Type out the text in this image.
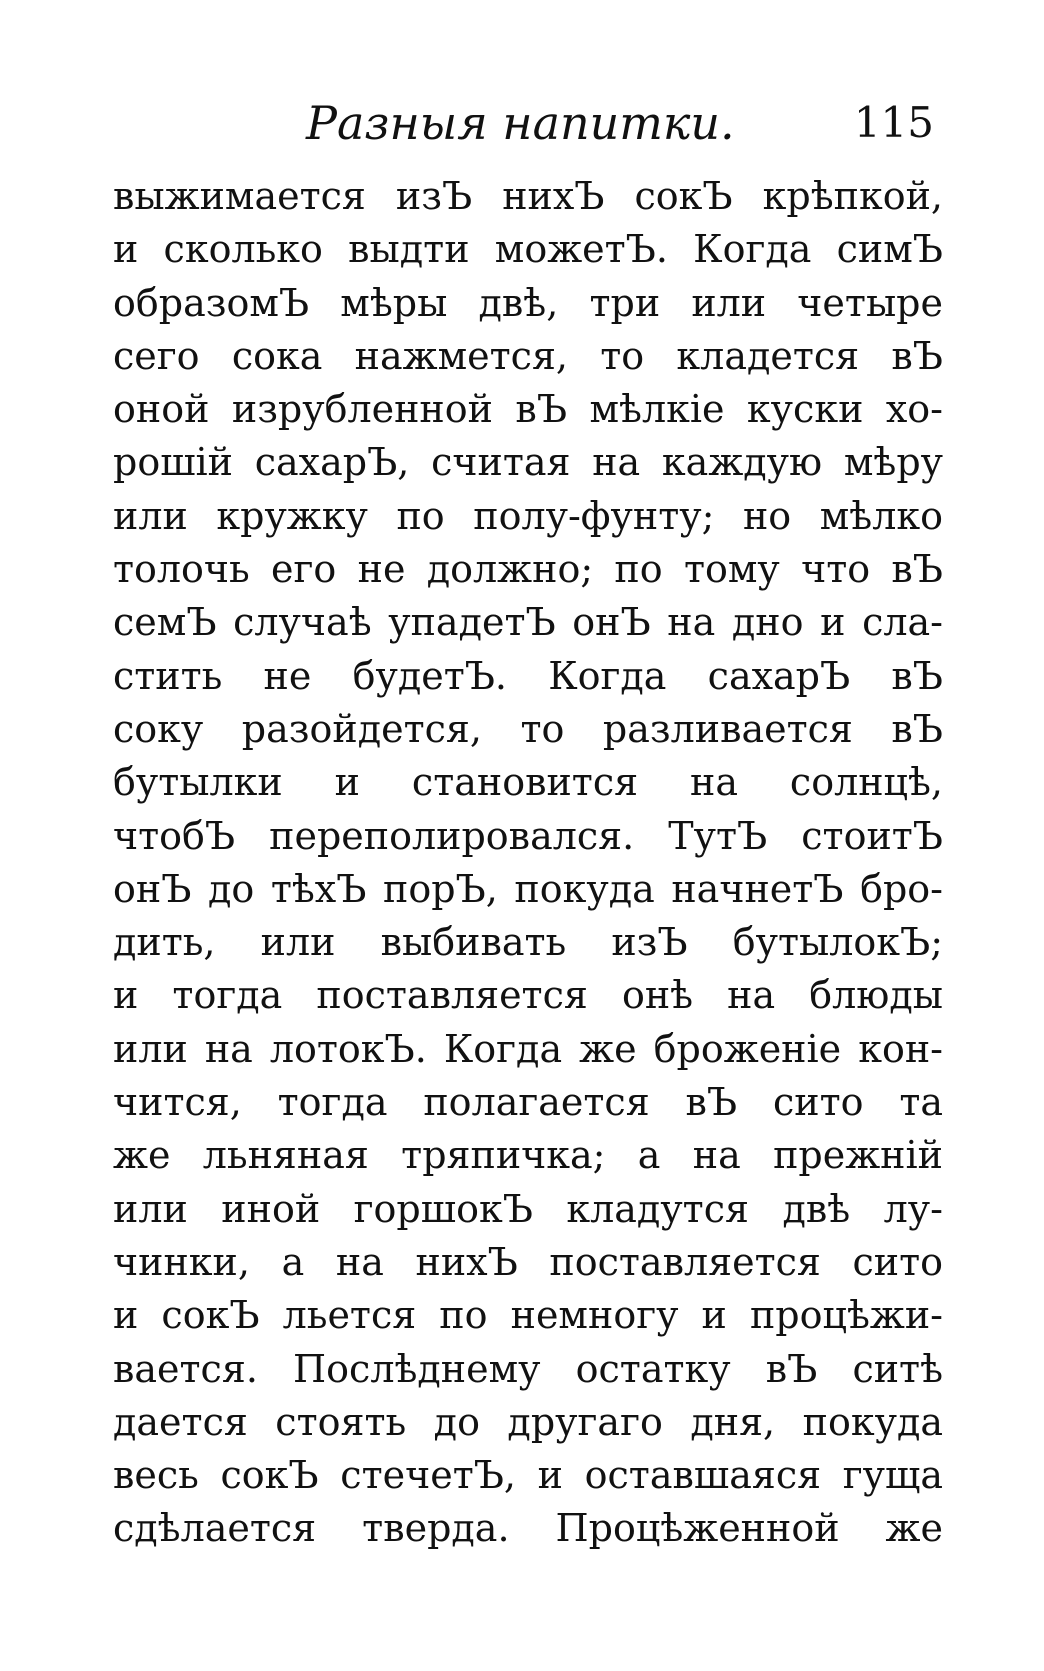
Разныя напитки.	115
выжимается изЪ нихЪ сокЪ крѣпкой,
и сколько выдти можетЪ. Когда симЪ
образомЪ мѣры двѣ, три или четыре
сего сока нажмется, то кладется вЪ
оной изрубленной вЪ мѣлкiе куски хо-
рошiй сахарЪ, считая на каждую мѣру
или кружку по полу-фунту; но мѣлко
толочь его не должно; по тому что вЪ
семЪ случаѣ упадетЪ онЪ на дно и сла-
стить не будетЪ. Когда сахарЪ вЪ
соку разойдется, то разливается вЪ
бутылки и становится на солнцѣ,
чтобЪ переполировался. ТутЪ стоитЪ
онЪ до тѣхЪ порЪ, покуда начнетЪ бро-
дить, или выбивать изЪ бутылокЪ;
и тогда поставляется онѣ на блюды
или на лотокЪ. Когда же броженiе кон-
чится, тогда полагается вЪ сито та
же льняная тряпичка; а на прежнiй
или иной горшокЪ кладутся двѣ лу-
чинки, а на нихЪ поставляется сито
и сокЪ льется по немногу и процѣжи-
вается. Послѣднему остатку вЪ ситѣ
дается стоять до другаго дня, покуда
весь сокЪ стечетЪ, и оставшаяся гуща
сдѣлается тверда. Процѣженной же
